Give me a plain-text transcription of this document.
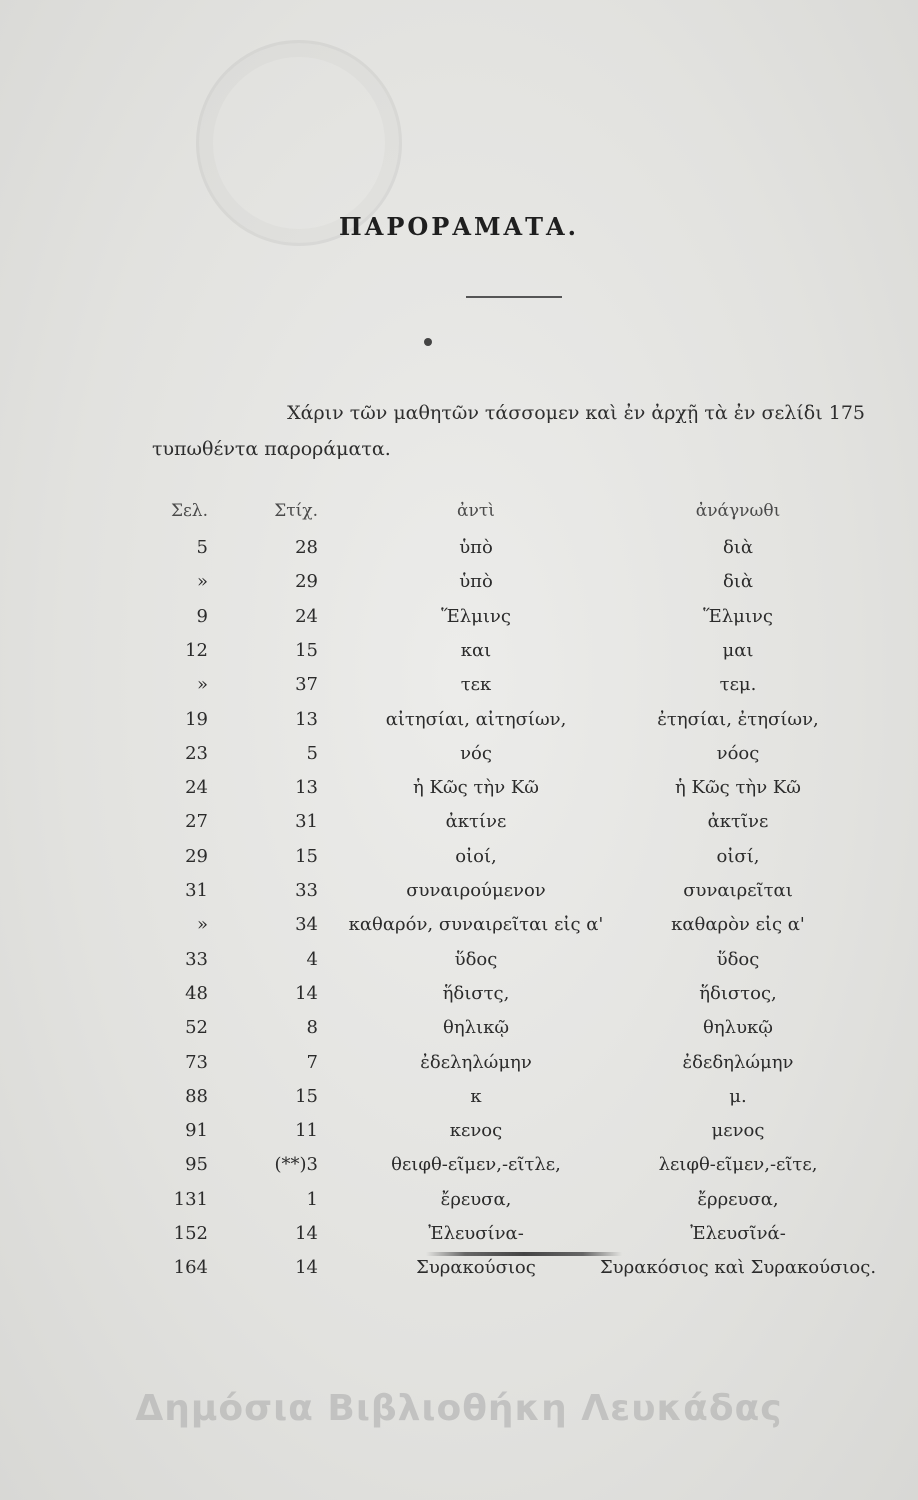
ΠΑΡΟΡΑΜΑΤΑ.
Χάριν τῶν μαθητῶν τάσσομεν καὶ ἐν ἀρχῇ τὰ ἐν σελίδι 175
τυπωθέντα παροράματα.
Σελ.	Στίχ.	ἀντὶ	ἀνάγνωθι
5	28	ὑπὸ	διὰ
»	29	ὑπὸ	διὰ
9	24	Ἕλμινς	Ἕλμινς
12	15	και	μαι
»	37	τεκ	τεμ.
19	13	αἰτησίαι, αἰτησίων,	ἐτησίαι, ἐτησίων,
23	5	νός	νόος
24	13	ἡ Κῶς τὴν Κῶ	ἡ Κῶς τὴν Κῶ
27	31	ἀκτίνε	ἀκτῖνε
29	15	οἰοί,	οἰσί,
31	33	συναιρούμενον	συναιρεῖται
»	34	καθαρόν, συναιρεῖται εἰς α'	καθαρὸν εἰς α'
33	4	ὕδος	ὕδος
48	14	ἥδιστς,	ἥδιστος,
52	8	θηλικῷ	θηλυκῷ
73	7	ἐδεληλώμην	ἐδεδηλώμην
88	15	κ	μ.
91	11	κενος	μενος
95	(**)3	θειφθ-εῖμεν,-εῖτλε,	λειφθ-εῖμεν,-εῖτε,
131	1	ἔρευσα,	ἔρρευσα,
152	14	Ἐλευσίνα-	Ἐλευσῖνά-
164	14	Συρακούσιος	Συρακόσιος καὶ Συρακούσιος.
Δημόσια Βιβλιοθήκη Λευκάδας
